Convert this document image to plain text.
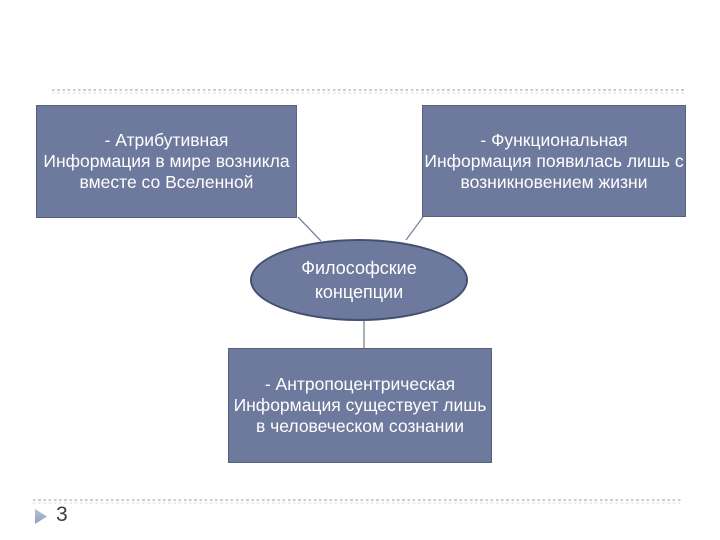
- Атрибутивная
Информация в мире возникла
вместе со Вселенной
- Функциональная
Информация появилась лишь с
возникновением жизни
Философские
концепции
- Антропоцентрическая
Информация существует лишь
в человеческом сознании
3
